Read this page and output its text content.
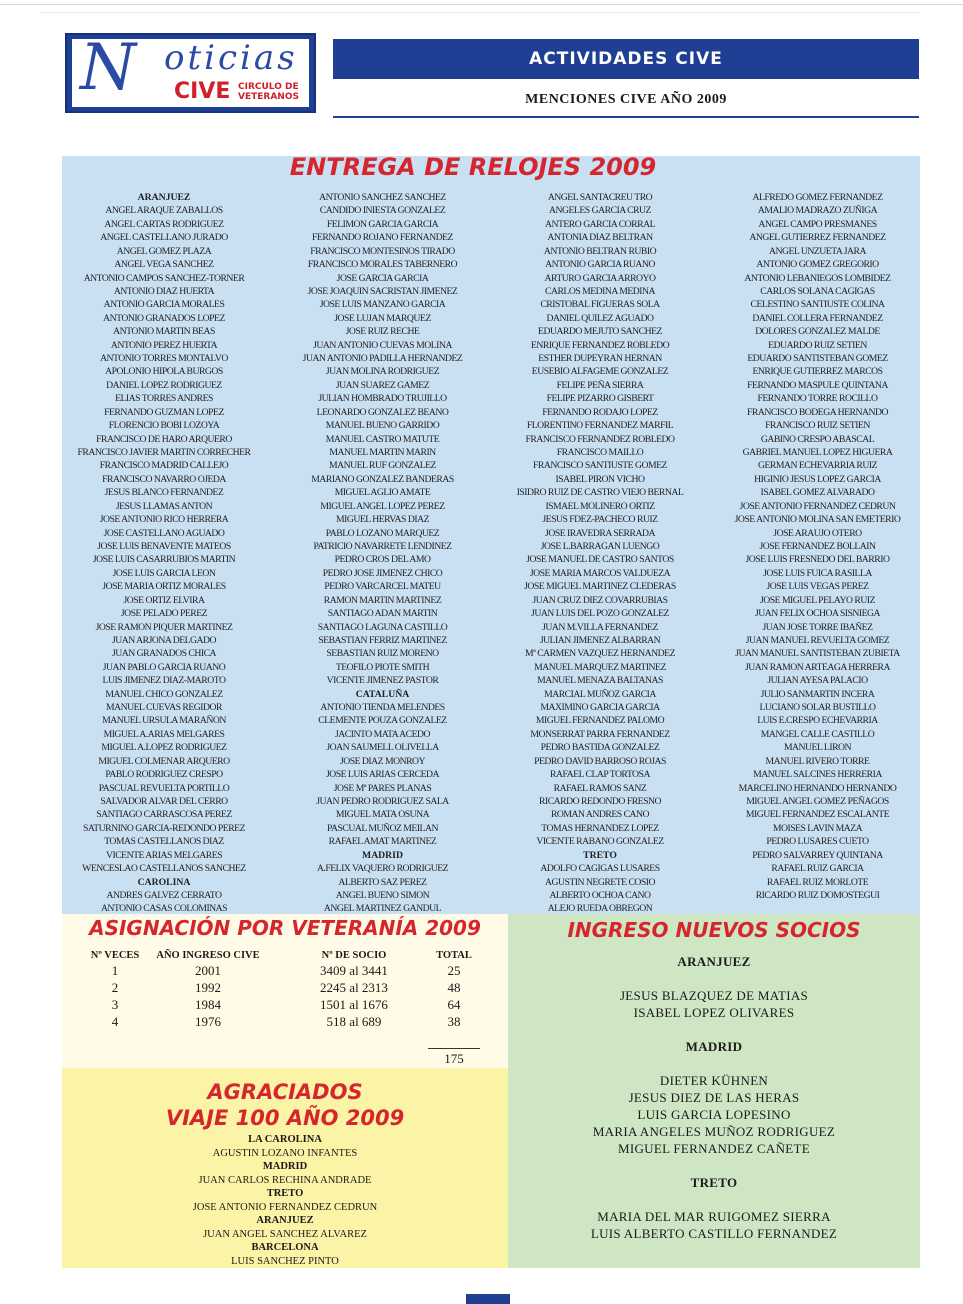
N oticias
CIVE CIRCULO DE
VETERANOS
ACTIVIDADES CIVE
MENCIONES CIVE AÑO 2009
ENTREGA DE RELOJES 2009
ARANJUEZ
ANGEL ARAQUE ZABALLOS
ANGEL CARTAS RODRIGUEZ
ANGEL CASTELLANO JURADO
ANGEL GOMEZ PLAZA
ANGEL VEGA SANCHEZ
ANTONIO CAMPOS SANCHEZ-TORNER
ANTONIO DIAZ HUERTA
ANTONIO GARCIA MORALES
ANTONIO GRANADOS LOPEZ
ANTONIO MARTIN BEAS
ANTONIO PEREZ HUERTA
ANTONIO TORRES MONTALVO
APOLONIO HIPOLA BURGOS
DANIEL LOPEZ RODRIGUEZ
ELIAS TORRES ANDRES
FERNANDO GUZMAN LOPEZ
FLORENCIO BOBI LOZOYA
FRANCISCO DE HARO ARQUERO
FRANCISCO JAVIER MARTIN CORRECHER
FRANCISCO MADRID CALLEJO
FRANCISCO NAVARRO OJEDA
JESUS BLANCO FERNANDEZ
JESUS LLAMAS ANTON
JOSE ANTONIO RICO HERRERA
JOSE CASTELLANO AGUADO
JOSE LUIS BENAVENTE MATEOS
JOSE LUIS CASARRUBIOS MARTIN
JOSE LUIS GARCIA LEON
JOSE MARIA ORTIZ MORALES
JOSE ORTIZ ELVIRA
JOSE PELADO PEREZ
JOSE RAMON PIQUER MARTINEZ
JUAN ARJONA DELGADO
JUAN GRANADOS CHICA
JUAN PABLO GARCIA RUANO
LUIS JIMENEZ DIAZ-MAROTO
MANUEL CHICO GONZALEZ
MANUEL CUEVAS REGIDOR
MANUEL URSULA MARAÑON
MIGUEL A.ARIAS MELGARES
MIGUEL A.LOPEZ RODRIGUEZ
MIGUEL COLMENAR ARQUERO
PABLO RODRIGUEZ CRESPO
PASCUAL REVUELTA PORTILLO
SALVADOR ALVAR DEL CERRO
SANTIAGO CARRASCOSA PEREZ
SATURNINO GARCIA-REDONDO PEREZ
TOMAS CASTELLANOS DIAZ
VICENTE ARIAS MELGARES
WENCESLAO CASTELLANOS SANCHEZ
CAROLINA
ANDRES GALVEZ CERRATO
ANTONIO CASAS COLOMINAS
ANTONIO SANCHEZ SANCHEZ
CANDIDO INIESTA GONZALEZ
FELIMON GARCIA GARCIA
FERNANDO ROJANO FERNANDEZ
FRANCISCO MONTESINOS TIRADO
FRANCISCO MORALES TABERNERO
JOSE GARCIA GARCIA
JOSE JOAQUIN SACRISTAN JIMENEZ
JOSE LUIS MANZANO GARCIA
JOSE LUJAN MARQUEZ
JOSE RUIZ RECHE
JUAN ANTONIO CUEVAS MOLINA
JUAN ANTONIO PADILLA HERNANDEZ
JUAN MOLINA RODRIGUEZ
JUAN SUAREZ GAMEZ
JULIAN HOMBRADO TRUJILLO
LEONARDO GONZALEZ BEANO
MANUEL BUENO GARRIDO
MANUEL CASTRO MATUTE
MANUEL MARTIN MARIN
MANUEL RUF GONZALEZ
MARIANO GONZALEZ BANDERAS
MIGUEL AGLIO AMATE
MIGUEL ANGEL LOPEZ PEREZ
MIGUEL HERVAS DIAZ
PABLO LOZANO MARQUEZ
PATRICIO NAVARRETE LENDINEZ
PEDRO CROS DEL AMO
PEDRO JOSE JIMENEZ CHICO
PEDRO VARCARCEL MATEU
RAMON MARTIN MARTINEZ
SANTIAGO ADAN MARTIN
SANTIAGO LAGUNA CASTILLO
SEBASTIAN FERRIZ MARTINEZ
SEBASTIAN RUIZ MORENO
TEOFILO PIOTE SMITH
VICENTE JIMENEZ PASTOR
CATALUÑA
ANTONIO TIENDA MELENDES
CLEMENTE POUZA GONZALEZ
JACINTO MATA ACEDO
JOAN SAUMELL OLIVELLA
JOSE DIAZ MONROY
JOSE LUIS ARIAS CERCEDA
JOSE Mª PARES PLANAS
JUAN PEDRO RODRIGUEZ SALA
MIGUEL MATA OSUNA
PASCUAL MUÑOZ MEILAN
RAFAEL AMAT MARTINEZ
MADRID
A.FELIX VAQUERO RODRIGUEZ
ALBERTO SAZ PEREZ
ANGEL BUENO SIMON
ANGEL MARTINEZ GANDUL
ANGEL SANTACREU TRO
ANGELES GARCIA CRUZ
ANTERO GARCIA CORRAL
ANTONIA DIAZ BELTRAN
ANTONIO BELTRAN RUBIO
ANTONIO GARCIA RUANO
ARTURO GARCIA ARROYO
CARLOS MEDINA MEDINA
CRISTOBAL FIGUERAS SOLA
DANIEL QUILEZ AGUADO
EDUARDO MEJUTO SANCHEZ
ENRIQUE FERNANDEZ ROBLEDO
ESTHER DUPEYRAN HERNAN
EUSEBIO ALFAGEME GONZALEZ
FELIPE PEÑA SIERRA
FELIPE PIZARRO GISBERT
FERNANDO RODAJO LOPEZ
FLORENTINO FERNANDEZ MARFIL
FRANCISCO FERNANDEZ ROBLEDO
FRANCISCO MAILLO
FRANCISCO SANTIUSTE GOMEZ
ISABEL PIRON VICHO
ISIDRO RUIZ DE CASTRO VIEJO BERNAL
ISMAEL MOLINERO ORTIZ
JESUS FDEZ-PACHECO RUIZ
JOSE IRAVEDRA SERRADA
JOSE L.BARRAGAN LUENGO
JOSE MANUEL DE CASTRO SANTOS
JOSE MARIA MARCOS VALDUEZA
JOSE MIGUEL MARTINEZ CLEDERAS
JUAN CRUZ DIEZ COVARRUBIAS
JUAN LUIS DEL POZO GONZALEZ
JUAN M.VILLA FERNANDEZ
JULIAN JIMENEZ ALBARRAN
Mª CARMEN VAZQUEZ HERNANDEZ
MANUEL MARQUEZ MARTINEZ
MANUEL MENAZA BALTANAS
MARCIAL MUÑOZ GARCIA
MAXIMINO GARCIA GARCIA
MIGUEL FERNANDEZ PALOMO
MONSERRAT PARRA FERNANDEZ
PEDRO BASTIDA GONZALEZ
PEDRO DAVID BARROSO ROJAS
RAFAEL CLAP TORTOSA
RAFAEL RAMOS SANZ
RICARDO REDONDO FRESNO
ROMAN ANDRES CANO
TOMAS HERNANDEZ LOPEZ
VICENTE RABANO GONZALEZ
TRETO
ADOLFO CAGIGAS LUSARES
AGUSTIN NEGRETE COSIO
ALBERTO OCHOA CANO
ALEJO RUEDA OBREGON
ALFREDO GOMEZ FERNANDEZ
AMALIO MADRAZO ZUÑIGA
ANGEL CAMPO PRESMANES
ANGEL GUTIERREZ FERNANDEZ
ANGEL UNZUETA JARA
ANTONIO GOMEZ GREGORIO
ANTONIO LEBANIEGOS LOMBIDEZ
CARLOS SOLANA CAGIGAS
CELESTINO SANTIUSTE COLINA
DANIEL COLLERA FERNANDEZ
DOLORES GONZALEZ MALDE
EDUARDO RUIZ SETIEN
EDUARDO SANTISTEBAN GOMEZ
ENRIQUE GUTIERREZ MARCOS
FERNANDO MASPULE QUINTANA
FERNANDO TORRE ROCILLO
FRANCISCO BODEGA HERNANDO
FRANCISCO RUIZ SETIEN
GABINO CRESPO ABASCAL
GABRIEL MANUEL LOPEZ HIGUERA
GERMAN ECHEVARRIA RUIZ
HIGINIO JESUS LOPEZ GARCIA
ISABEL GOMEZ ALVARADO
JOSE ANTONIO FERNANDEZ CEDRUN
JOSE ANTONIO MOLINA SAN EMETERIO
JOSE ARAUJO OTERO
JOSE FERNANDEZ BOLLAIN
JOSE LUIS FRESNEDO DEL BARRIO
JOSE LUIS FUICA RASILLA
JOSE LUIS VEGAS PEREZ
JOSE MIGUEL PELAYO RUIZ
JUAN FELIX OCHOA SISNIEGA
JUAN JOSE TORRE IBAÑEZ
JUAN MANUEL REVUELTA GOMEZ
JUAN MANUEL SANTISTEBAN ZUBIETA
JUAN RAMON ARTEAGA HERRERA
JULIAN AYESA PALACIO
JULIO SANMARTIN INCERA
LUCIANO SOLAR BUSTILLO
LUIS E.CRESPO ECHEVARRIA
MANGEL CALLE CASTILLO
MANUEL LIRON
MANUEL RIVERO TORRE
MANUEL SALCINES HERRERIA
MARCELINO HERNANDO HERNANDO
MIGUEL ANGEL GOMEZ PEÑAGOS
MIGUEL FERNANDEZ ESCALANTE
MOISES LAVIN MAZA
PEDRO LUSARES CUETO
PEDRO SALVARREY QUINTANA
RAFAEL RUIZ GARCIA
RAFAEL RUIZ MORLOTE
RICARDO RUIZ DOMOSTEGUI
ASIGNACIÓN POR VETERANÍA 2009
Nº VECES	AÑO INGRESO CIVE	Nº DE SOCIO	TOTAL
1	2001	3409 al 3441	25
2	1992	2245 al 2313	48
3	1984	1501 al 1676	64
4	1976	518 al 689	38
175
AGRACIADOS
VIAJE 100 AÑO 2009
LA CAROLINA
AGUSTIN LOZANO INFANTES
MADRID
JUAN CARLOS RECHINA ANDRADE
TRETO
JOSE ANTONIO FERNANDEZ CEDRUN
ARANJUEZ
JUAN ANGEL SANCHEZ ALVAREZ
BARCELONA
LUIS SANCHEZ PINTO
INGRESO NUEVOS SOCIOS
ARANJUEZ
JESUS BLAZQUEZ DE MATIAS
ISABEL LOPEZ OLIVARES
MADRID
DIETER KÜHNEN
JESUS DIEZ DE LAS HERAS
LUIS GARCIA LOPESINO
MARIA ANGELES MUÑOZ RODRIGUEZ
MIGUEL FERNANDEZ CAÑETE
TRETO
MARIA DEL MAR RUIGOMEZ SIERRA
LUIS ALBERTO CASTILLO FERNANDEZ
